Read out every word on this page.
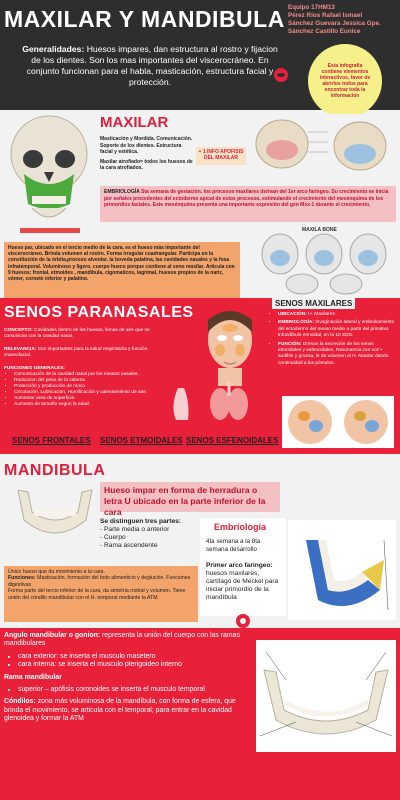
MAXILAR Y MANDIBULA Equipo 17HM13
Pérez Ríos Rafael Ismael
Sánchez Guevara Jessica Gpe.
Sánchez Castillo Eunice
Generalidades: Huesos impares, dan estructura al rostro y fijacion de los dientes. Son los mas importantes del viscerocráneo. En conjunto funcionan para el habla, masticación, estructura facial y protección.
Esta infografía contiene elementos interactivos, favor de abrirlos todos para encontrar toda la información
MAXILAR
Masticación y Mordida. Comunicación. Soporte de los dientes. Estructura facial y estética.
Maxilar atrofiado= todos los huesos de la cara atrofiados.
+ 1 INFO APOFISIS DEL MAXILAR
EMBRIOLOGÍA Sta semana de gestación. los procesos maxilares derivan del 1er arco faringeo. Su crecimiento se inicia por señales procedentes del ectodermo apical de estos procesos, estimulando el crecimiento del mesénquima de los primordios faciales. Este mesénquima presenta una importante expresión del gen Msx-1 durante el crecimiento.
Hueso par, ubicado en el tercio medio de la cara, es el hueso más importante del viscerocráneo. Brinda volumen al rostro. Forma irregular cuadrangular. Participa en la constitución de la órbita,proceso alveolar. la boveda palatina, las cavidades nasales y la fosa infratemporal. Voluminoso y ligero, cuerpo hueco porque contiene al seno maxilar. Articula con 9 huesos; frontal, etmoides , mandibula, cigomaticos, lagrimal, huesos propios de la nariz, vómer, cornete inferior y palatino.
MAXILA BONE
SENOS PARANASALES

CONCEPTO: Cavidades dentro de los huesos, llenas de aire que se comunican con la cavidad nasal.

RELEVANCIA: Son importantes para la salud respiratoria y función craneofacial.

FUNCIONES GENERALES:
• Comunicación de la cavidad nasal por los meatos nasales.
• Reduccion del peso de la cabeza.
• Protección y producción de moco.
• Circulación, Lubricación, Humificación y calentamiento de aire.
• Aumentar area de superficie.
• Aumento de tamaño segun la edad.
SENOS MAXILARES
• UBICACIÓN: H. Maxilares
• EMBRIOLOGÍA: Invaginación lateral y embolsamiento del ectodermo del meato medio a partir del primitivo infundíbulo etmoidal, en la 10 SDG.
• FUNCIÓN: Drenan la secreción de los senos etmoidales y esfenoidales, Resonancia con voz • audible y gruesa, le da volumen al H. Maxilar dando continuidad a los pómulos.
SENOS FRONTALES SENOS ETMOIDALES SENOS ESFENOIDALES
MANDIBULA
Hueso impar en forma de herradura o letra U ubicado en la parte inferior de la cara
Se distinguen tres partes:
- Parte media o anterior
- Cuerpo
- Rama ascendente
Embriología
4ta semana a la 8ta semana desarrollo
Primer arco faríngeo: huesos maxilares, cartílago de Meckel para iniciar primordio de la mandíbula
Único hueso que da movimiento a la cara.
Funciones: Masticación, formación del bolo alimenticio y deglución. Funciones digestivas
Forma parte del tercio inferior de la cara, da simetría rostral y volumen. Tiene unión del cóndilo mandibular con el H. temporal mediante la ATM

Angulo mandibular o gonion: representa la unión del cuerpo con las ramas mandibulares

• cara exterior: se inserta el musculo masetero
• cara interna: se inserta el musculo pterigoideo interno

Rama mandibular

• superior – apófisis coronoides se inserta el musculo temporal

Cóndilos: zona más voluminosa de la mandíbula, con forma de esfera, que brinda el movimiento, se articula con el temporal; para entrar en la cavidad glenoidea y formar la ATM
